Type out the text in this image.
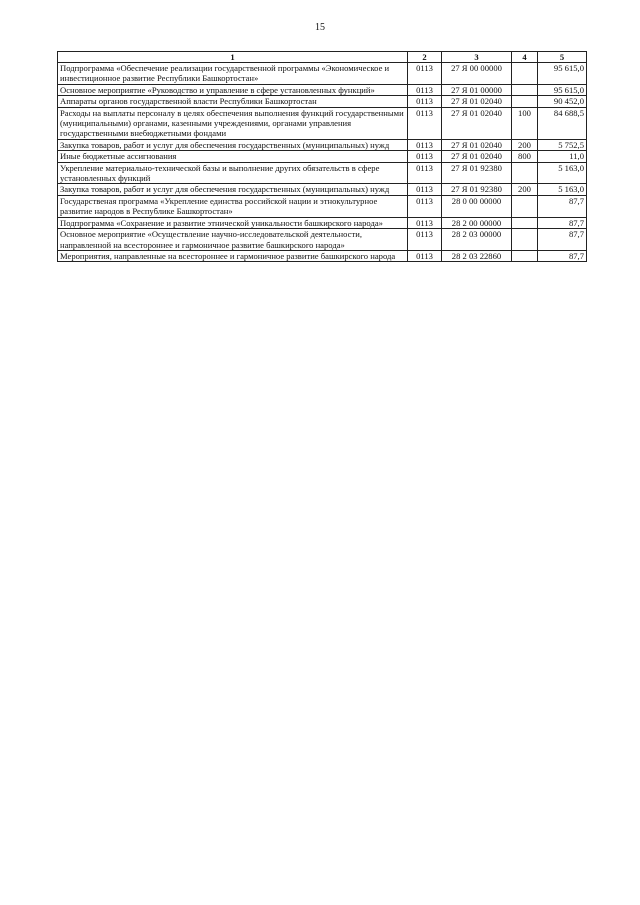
15
1	2	3	4	5
Подпрограмма «Обеспечение реализации государственной программы «Экономическое и инвестиционное развитие Республики Башкортостан»	0113	27 Я 00 00000		95 615,0
Основное мероприятие «Руководство и управление в сфере установленных функций»	0113	27 Я 01 00000		95 615,0
Аппараты органов государственной власти Республики Башкортостан	0113	27 Я 01 02040		90 452,0
Расходы на выплаты персоналу в целях обеспечения выполнения функций государственными (муниципальными) органами, казенными учреждениями, органами управления государственными внебюджетными фондами	0113	27 Я 01 02040	100	84 688,5
Закупка товаров, работ и услуг для обеспечения государственных (муниципальных) нужд	0113	27 Я 01 02040	200	5 752,5
Иные бюджетные ассигнования	0113	27 Я 01 02040	800	11,0
Укрепление материально-технической базы и выполнение других обязательств в сфере установленных функций	0113	27 Я 01 92380		5 163,0
Закупка товаров, работ и услуг для обеспечения государственных (муниципальных) нужд	0113	27 Я 01 92380	200	5 163,0
Государственая программа «Укрепление единства российской нации и этнокультурное развитие народов в Республике Башкортостан»	0113	28 0 00 00000		87,7
Подпрограмма «Сохранение и развитие этнической уникальности башкирского народа»	0113	28 2 00 00000		87,7
Основное мероприятие «Осуществление научно-исследовательской деятельности, направленной на всестороннее и гармоничное развитие башкирского народа»	0113	28 2 03 00000		87,7
Мероприятия, направленные на всестороннее и гармоничное развитие башкирского народа	0113	28 2 03 22860		87,7
